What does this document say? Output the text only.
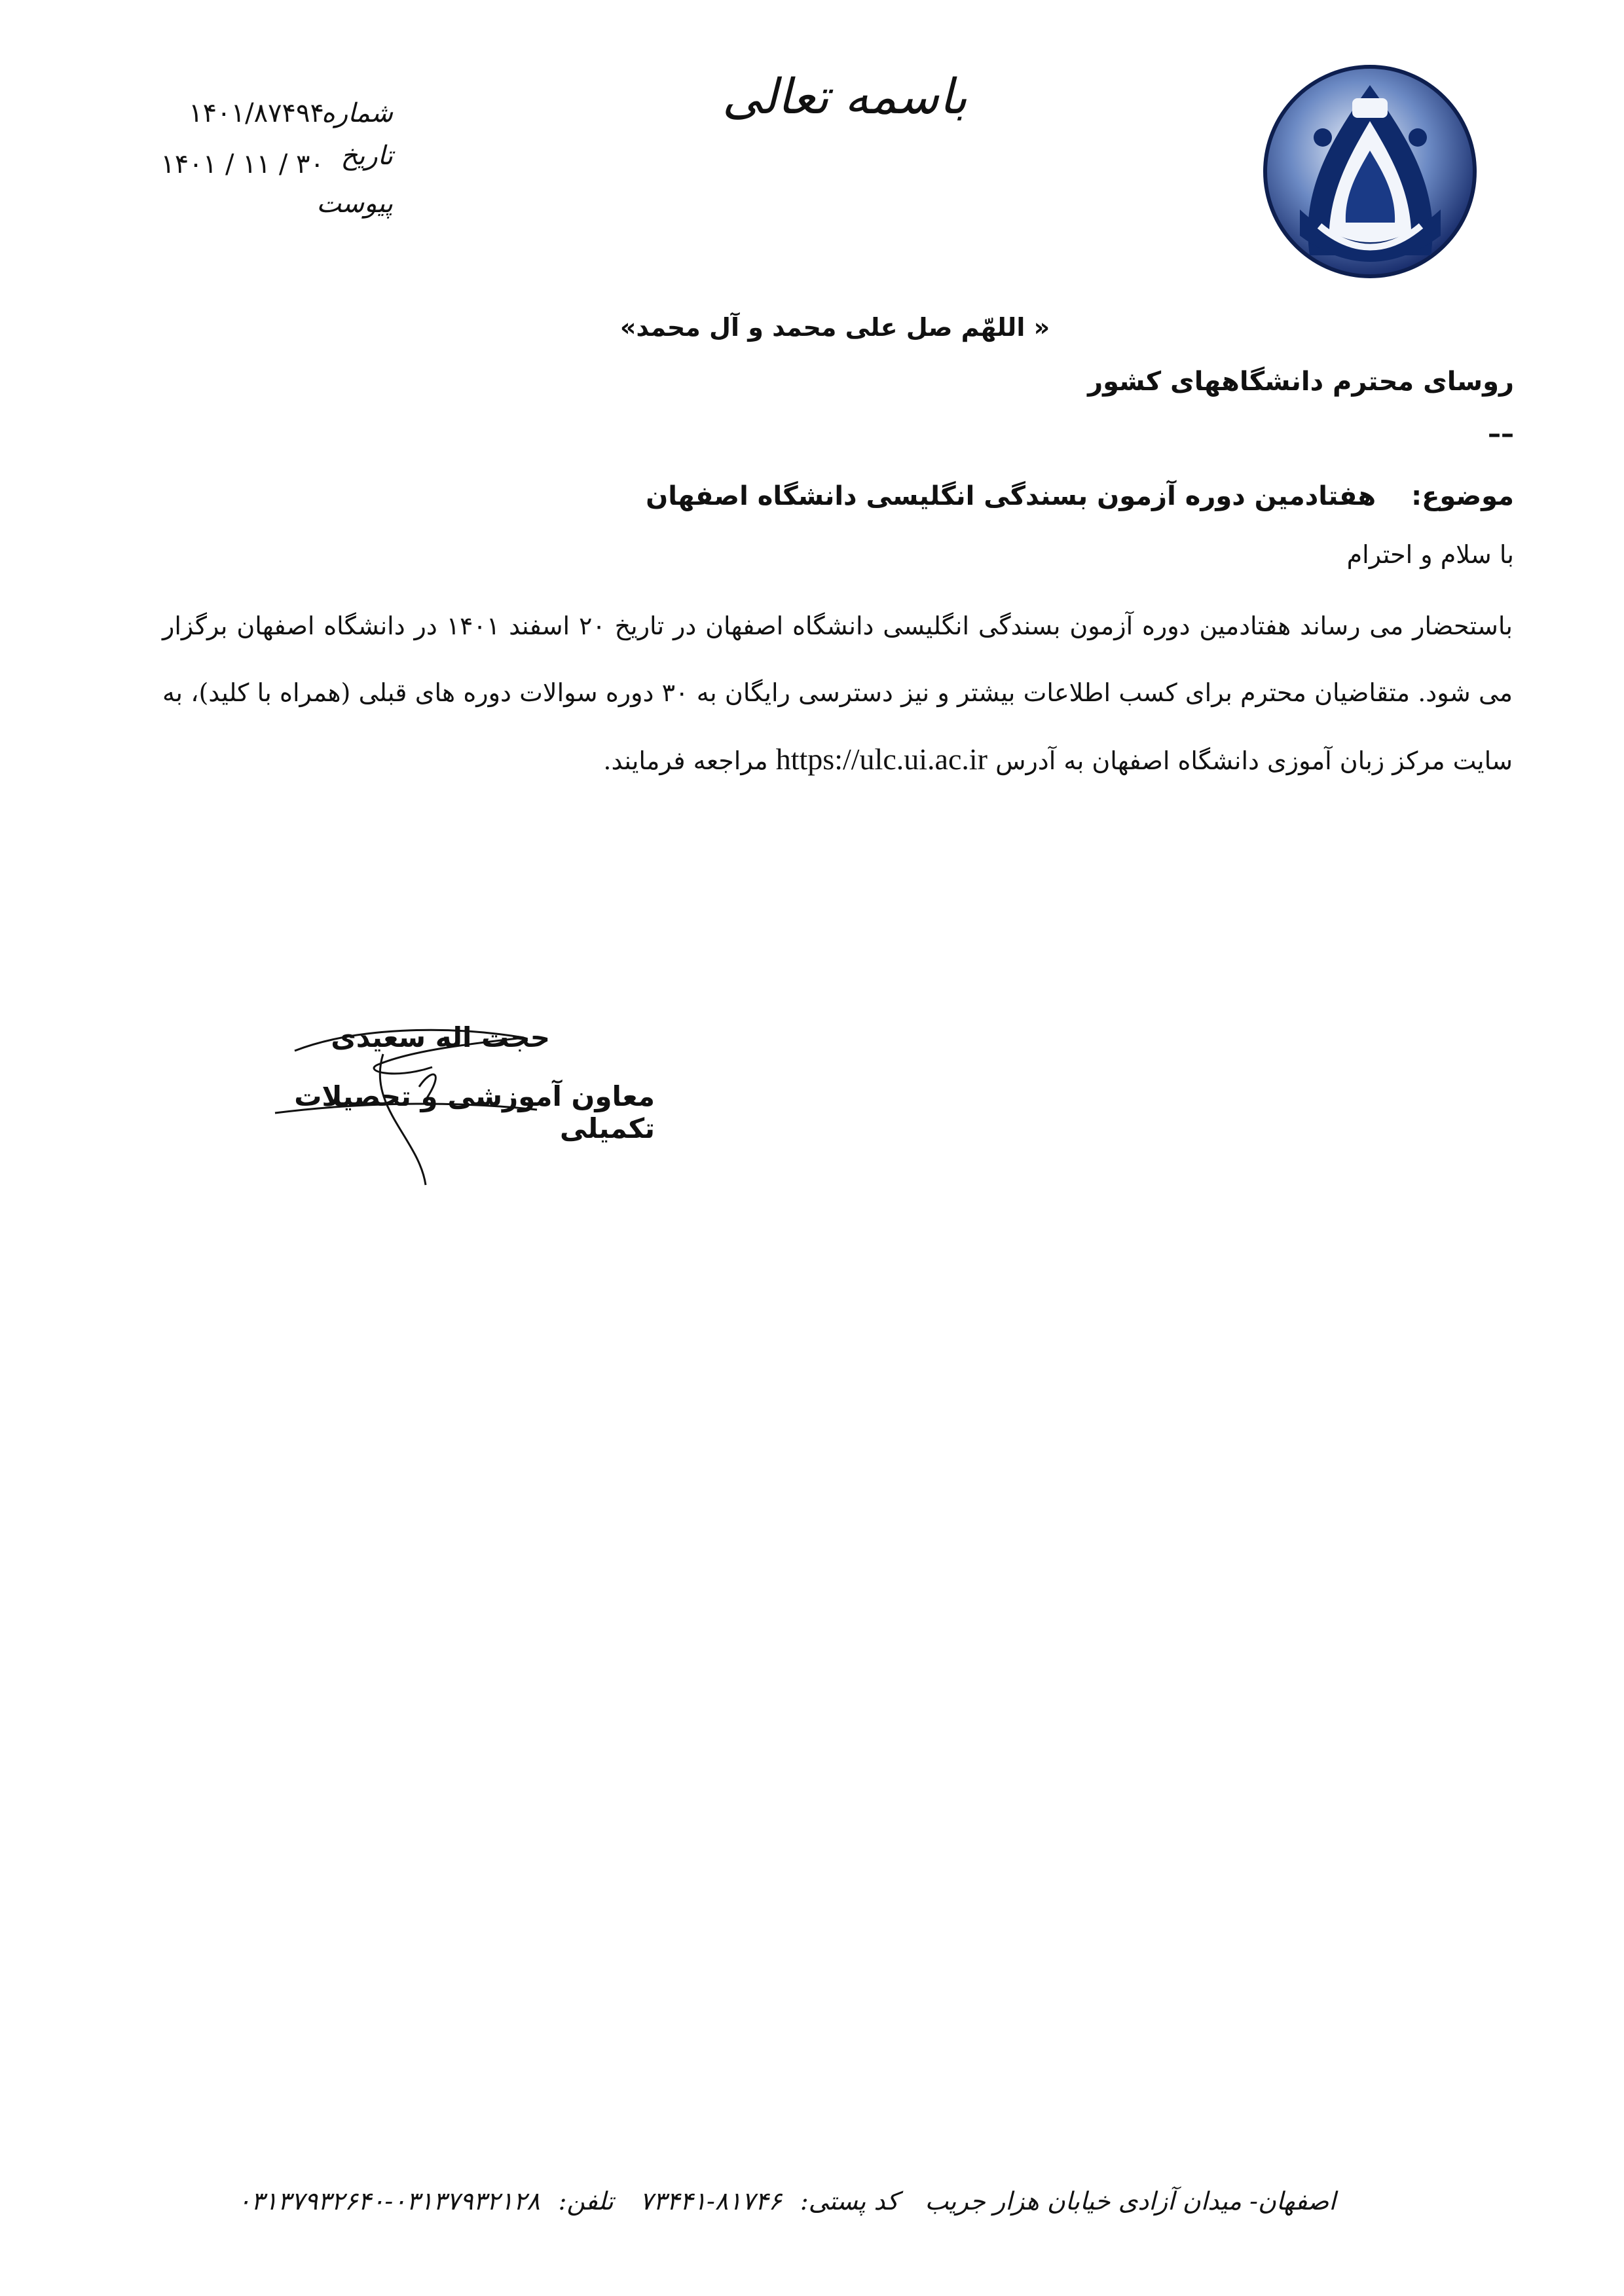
باسمه تعالی
شماره
۱۴۰۱/۸۷۴۹۴
تاریخ
۱۴۰۱ / ۱۱ / ۳۰
پیوست
« اللهّم صل علی محمد و آل محمد»
روسای محترم دانشگاههای کشور
––
موضوع: هفتادمین دوره آزمون بسندگی انگلیسی دانشگاه اصفهان
با سلام و احترام
باستحضار می رساند هفتادمین دوره آزمون بسندگی انگلیسی دانشگاه اصفهان در تاریخ ۲۰ اسفند ۱۴۰۱ در دانشگاه اصفهان برگزار می شود. متقاضیان محترم برای کسب اطلاعات بیشتر و نیز دسترسی رایگان به ۳۰ دوره سوالات دوره های قبلی (همراه با کلید)، به سایت مرکز زبان آموزی دانشگاه اصفهان به آدرس https://ulc.ui.ac.ir مراجعه فرمایند.
حجت اله سعیدی
معاون آموزشی و تحصیلات تکمیلی
اصفهان- میدان آزادی خیابان هزار جریب کد پستی:۸۱۷۴۶-۷۳۴۴۱ تلفن:۰۳۱۳۷۹۳۲۱۲۸-۰۳۱۳۷۹۳۲۶۴۰
